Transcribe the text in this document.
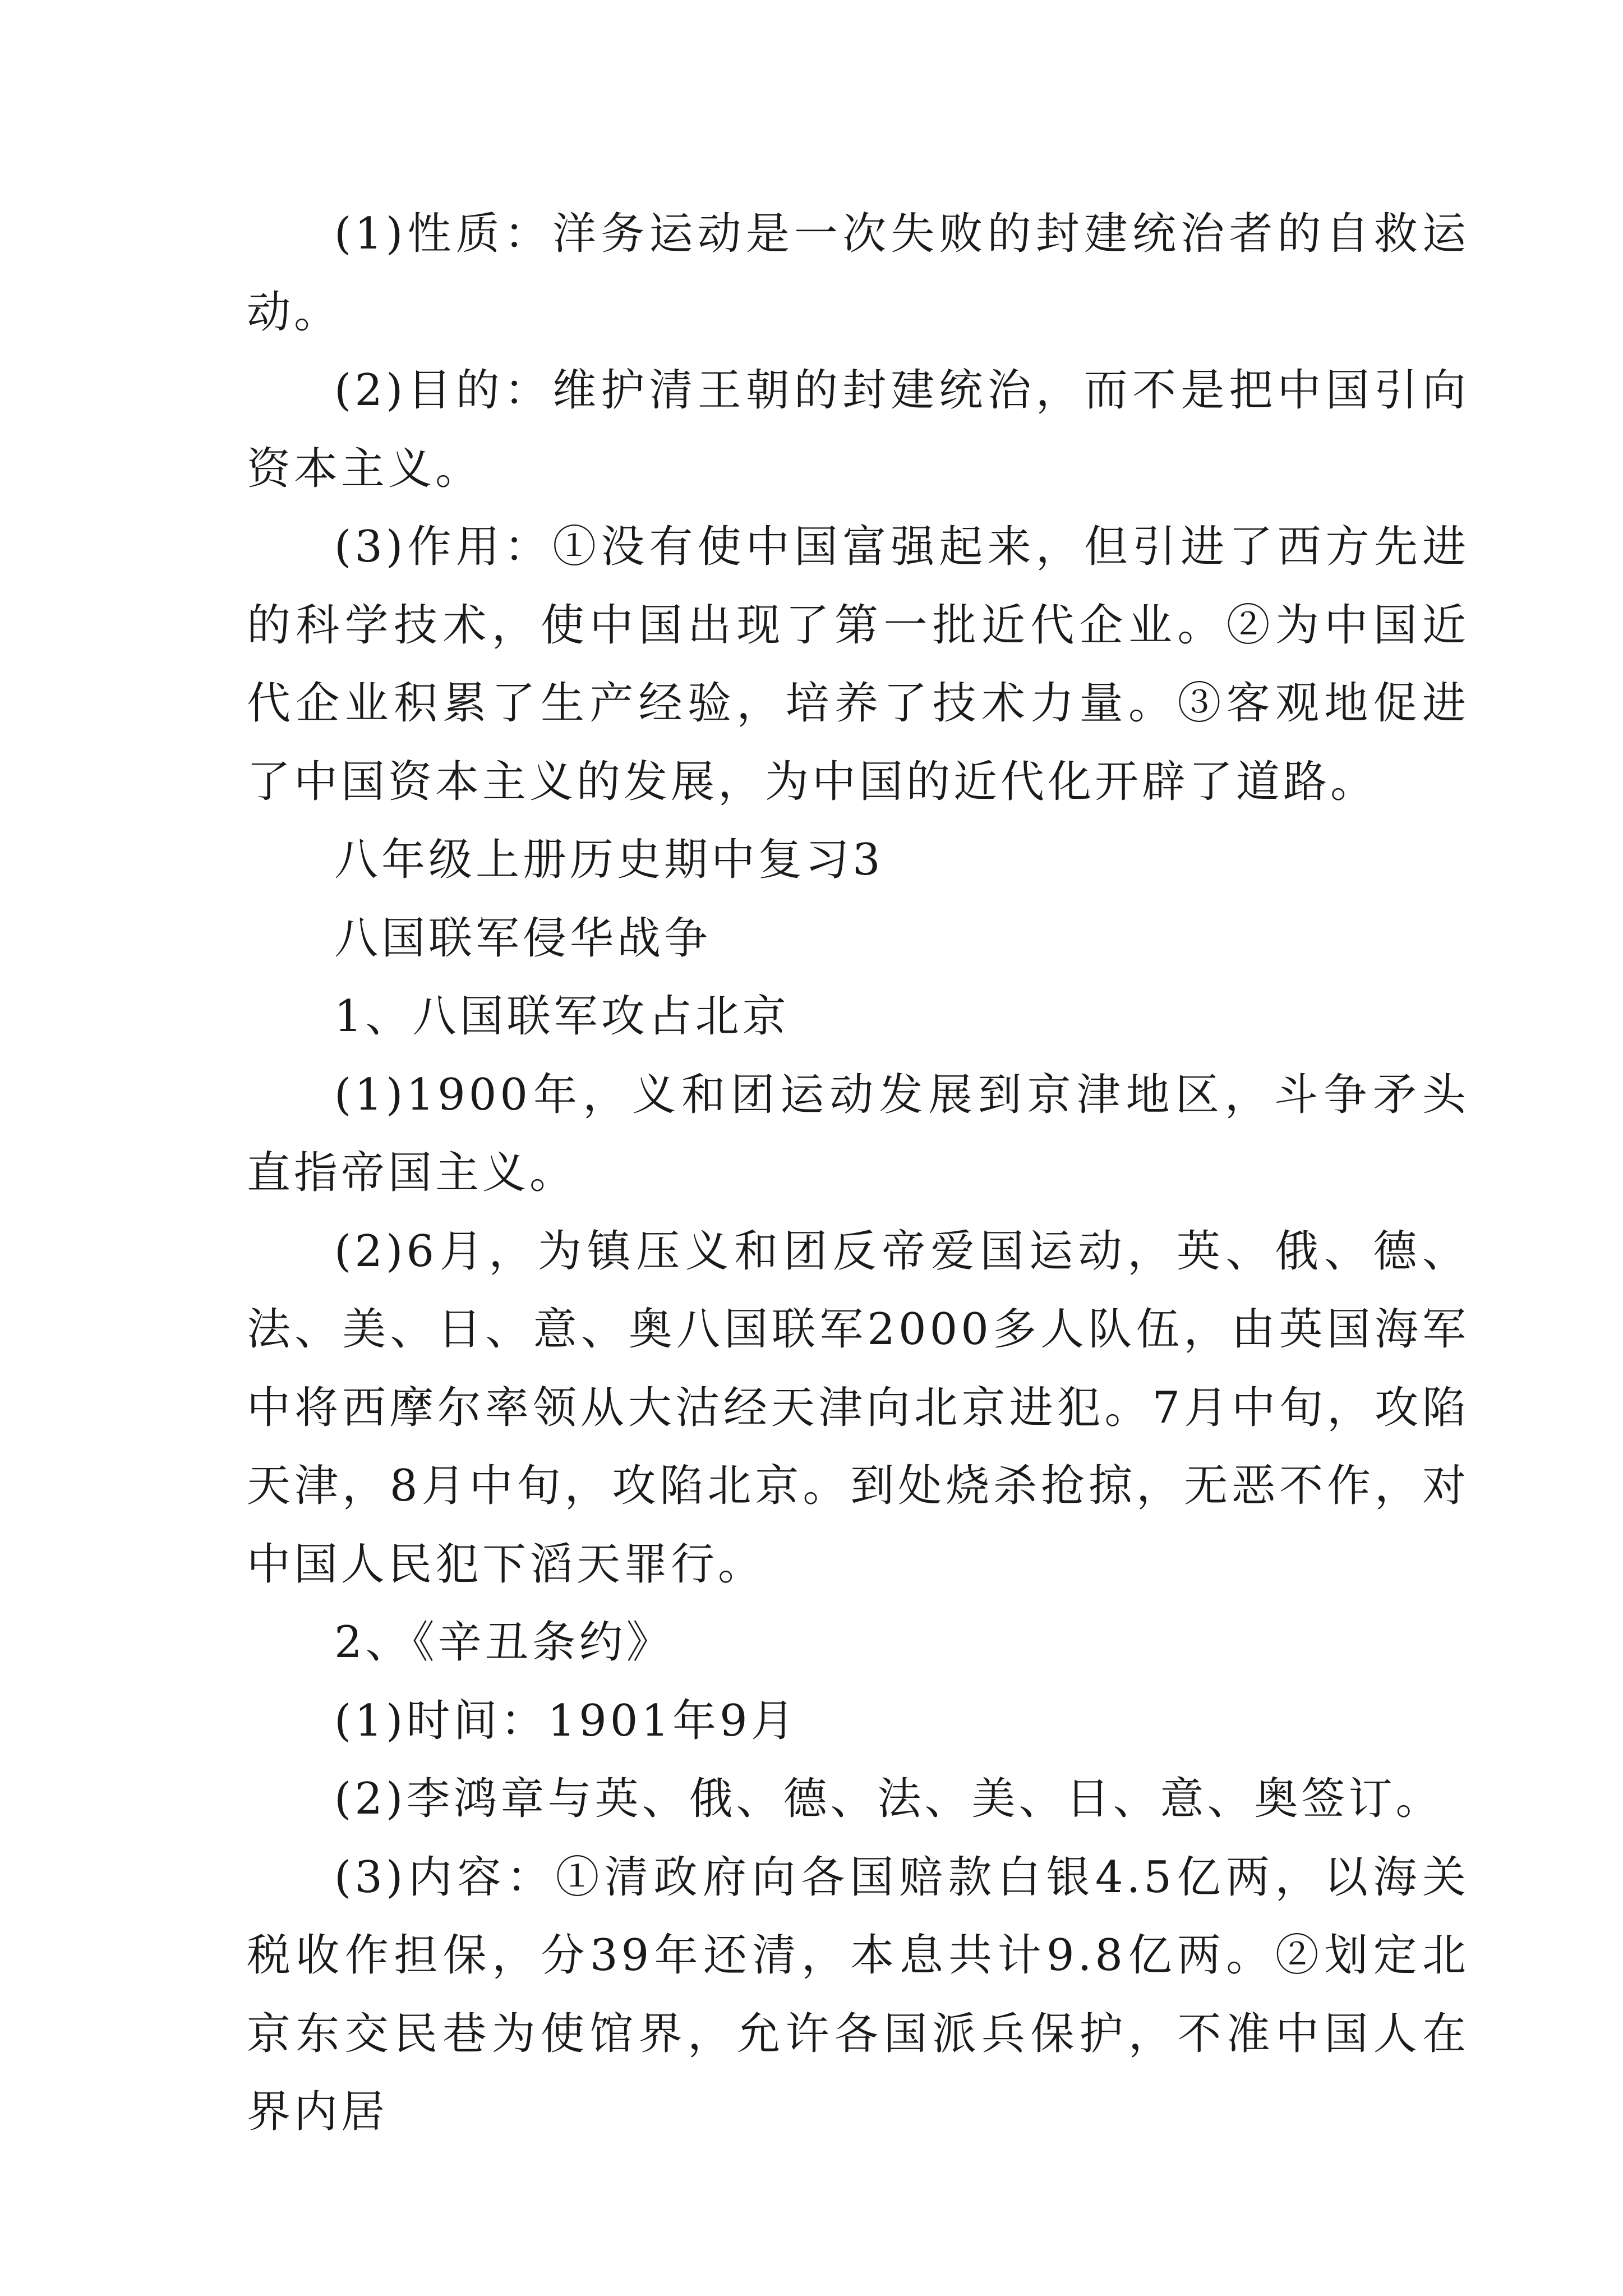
(1)性质：洋务运动是一次失败的封建统治者的自救运动。

(2)目的：维护清王朝的封建统治，而不是把中国引向资本主义。

(3)作用：①没有使中国富强起来，但引进了西方先进的科学技术，使中国出现了第一批近代企业。②为中国近代企业积累了生产经验，培养了技术力量。③客观地促进了中国资本主义的发展，为中国的近代化开辟了道路。

八年级上册历史期中复习3

八国联军侵华战争

1、八国联军攻占北京

(1)1900年，义和团运动发展到京津地区，斗争矛头直指帝国主义。

(2)6月，为镇压义和团反帝爱国运动，英、俄、德、法、美、日、意、奥八国联军2000多人队伍，由英国海军中将西摩尔率领从大沽经天津向北京进犯。7月中旬，攻陷天津，8月中旬，攻陷北京。到处烧杀抢掠，无恶不作，对中国人民犯下滔天罪行。

2、《辛丑条约》

(1)时间：1901年9月

(2)李鸿章与英、俄、德、法、美、日、意、奥签订。

(3)内容：①清政府向各国赔款白银4.5亿两，以海关税收作担保，分39年还清，本息共计9.8亿两。②划定北京东交民巷为使馆界，允许各国派兵保护，不准中国人在界内居
